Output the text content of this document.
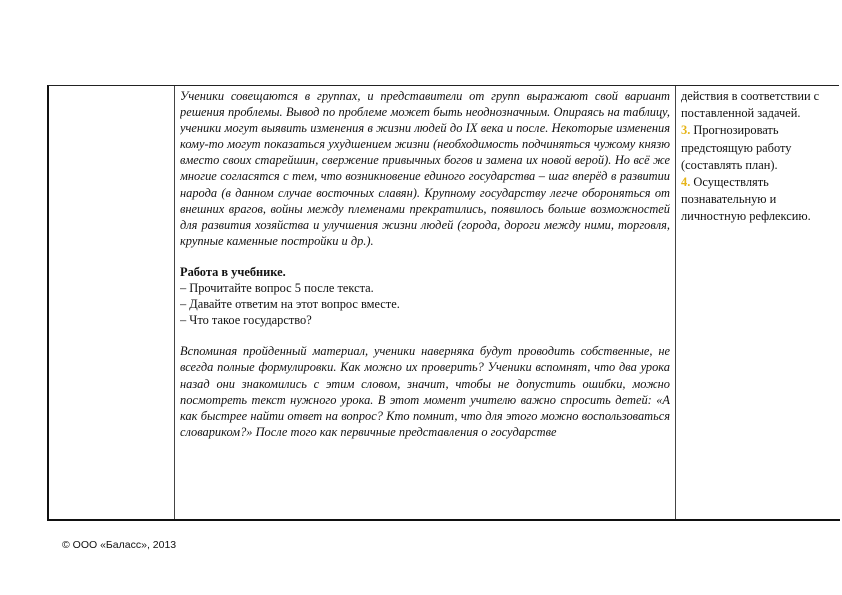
Ученики совещаются в группах, и представители от групп выражают свой вариант решения проблемы. Вывод по проблеме может быть неоднозначным. Опираясь на таблицу, ученики могут выявить изменения в жизни людей до IX века и после. Некоторые изменения кому-то могут показаться ухудшением жизни (необходимость подчиняться чужому князю вместо своих старейшин, свержение привычных богов и замена их новой верой). Но всё же многие согласятся с тем, что возникновение единого государства – шаг вперёд в развитии народа (в данном случае восточных славян). Крупному государству легче обороняться от внешних врагов, войны между племенами прекратились, появилось больше возможностей для развития хозяйства и улучшения жизни людей (города, дороги между ними, торговля, крупные каменные постройки и др.).

Работа в учебнике.

– Прочитайте вопрос 5 после текста.

– Давайте ответим на этот вопрос вместе.

– Что такое государство?

Вспоминая пройденный материал, ученики наверняка будут проводить собственные, не всегда полные формулировки. Как можно их проверить? Ученики вспомнят, что два урока назад они знакомились с этим словом, значит, чтобы не допустить ошибки, можно посмотреть текст нужного урока. В этот момент учителю важно спросить детей: «А как быстрее найти ответ на вопрос? Кто помнит, что для этого можно воспользоваться словариком?» После того как первичные представления о государстве

действия в соответствии с поставленной задачей.

3. Прогнозировать предстоящую работу (составлять план).

4. Осуществлять познавательную и личностную рефлексию.

© ООО «Баласс», 2013
